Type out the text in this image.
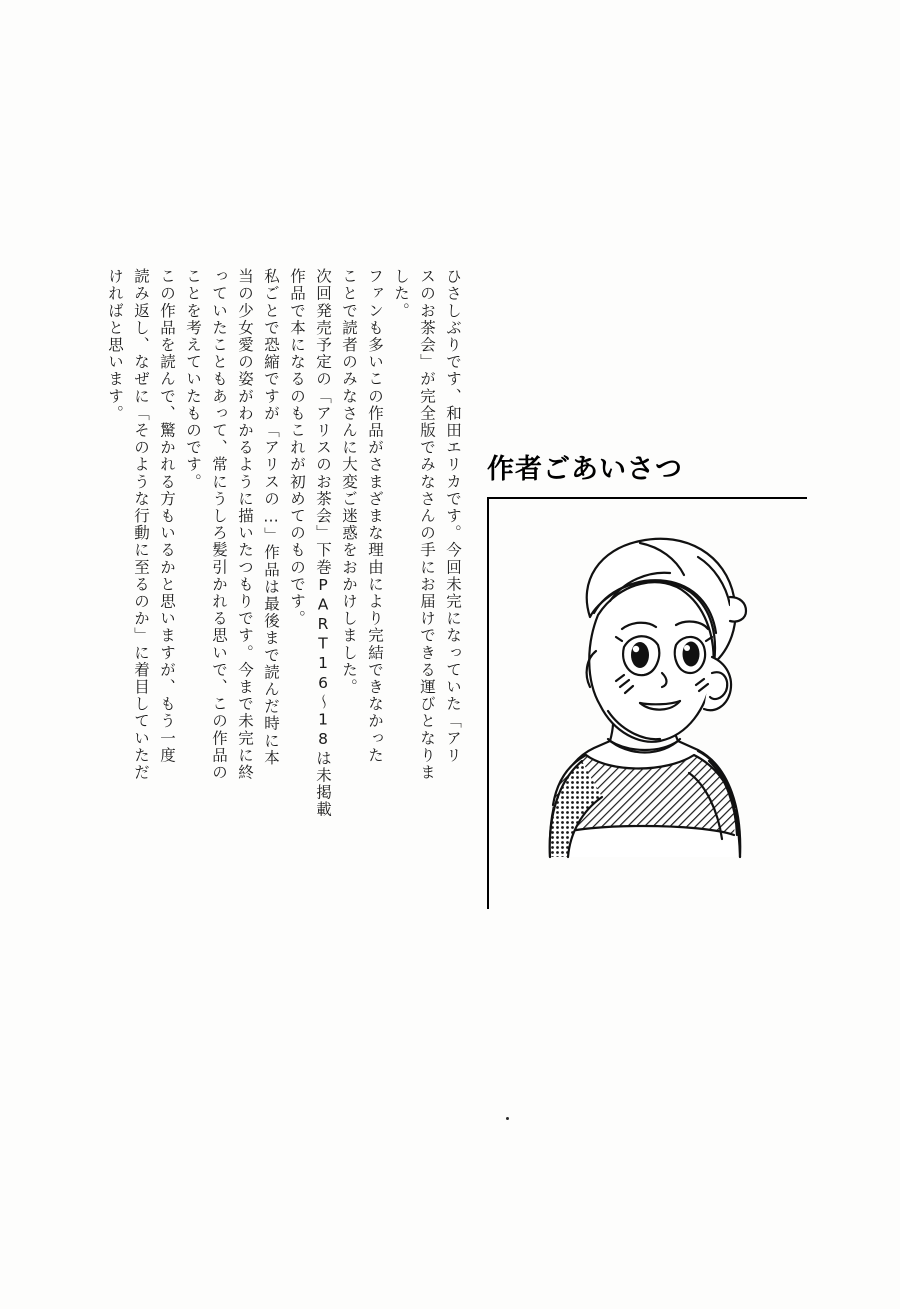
作者ごあいさつ
ひさしぶりです、和田エリカです。今回未完になっていた「アリ
スのお茶会」が完全版でみなさんの手にお届けできる運びとなりま
した。
ファンも多いこの作品がさまざまな理由により完結できなかった
ことで読者のみなさんに大変ご迷惑をおかけしました。
次回発売予定の「アリスのお茶会」下巻PART16〜18は未掲載
作品で本になるのもこれが初めてのものです。
私ごとで恐縮ですが「アリスの…」作品は最後まで読んだ時に本
当の少女愛の姿がわかるように描いたつもりです。今まで未完に終
っていたこともあって、常にうしろ髪引かれる思いで、この作品の
ことを考えていたものです。
この作品を読んで、驚かれる方もいるかと思いますが、もう一度
読み返し、なぜに「そのような行動に至るのか」に着目していただ
ければと思います。
